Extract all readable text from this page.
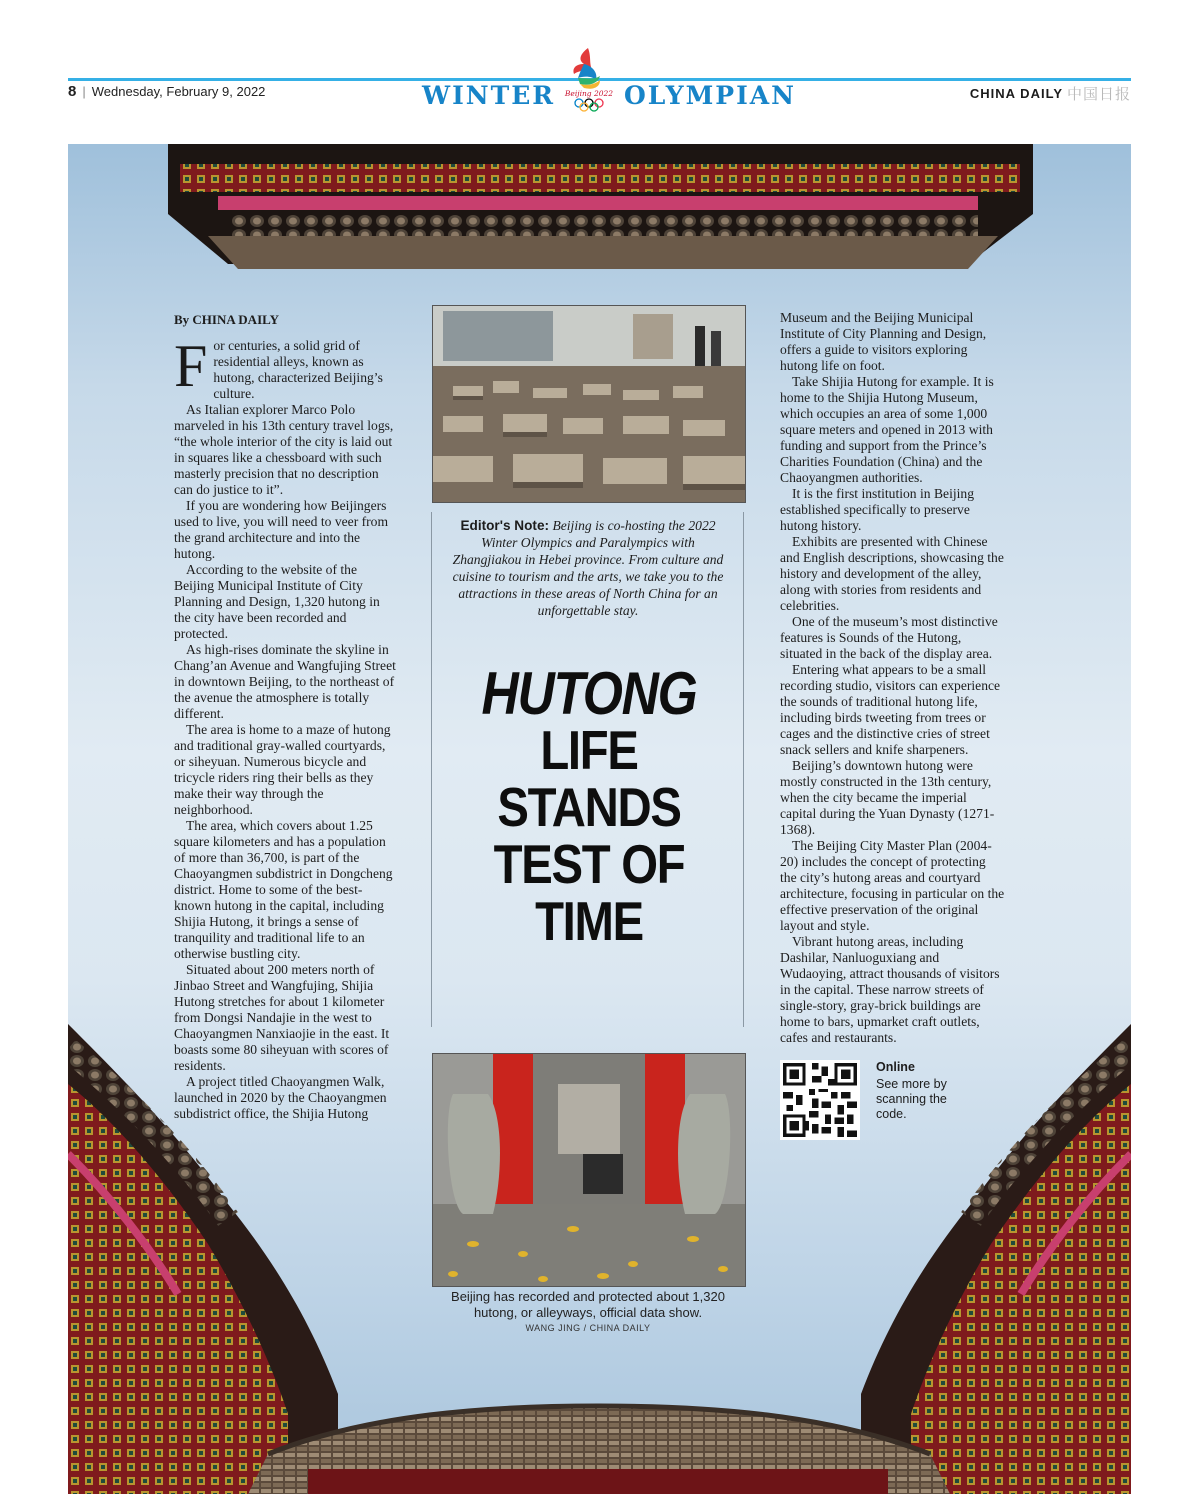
8 | Wednesday, February 9, 2022	WINTER Beijing 2022 OLYMPIAN	CHINA DAILY 中国日报
By CHINA DAILY

For centuries, a solid grid of residential alleys, known as hutong, characterized Beijing’s culture.

As Italian explorer Marco Polo marveled in his 13th century travel logs, “the whole interior of the city is laid out in squares like a chessboard with such masterly precision that no description can do justice to it”.

If you are wondering how Beijingers used to live, you will need to veer from the grand architecture and into the hutong.

According to the website of the Beijing Municipal Institute of City Planning and Design, 1,320 hutong in the city have been recorded and protected.

As high-rises dominate the skyline in Chang’an Avenue and Wangfujing Street in downtown Beijing, to the northeast of the avenue the atmosphere is totally different.

The area is home to a maze of hutong and traditional gray-walled courtyards, or siheyuan. Numerous bicycle and tricycle riders ring their bells as they make their way through the neighborhood.

The area, which covers about 1.25 square kilometers and has a population of more than 36,700, is part of the Chaoyangmen subdistrict in Dongcheng district. Home to some of the best-known hutong in the capital, including Shijia Hutong, it brings a sense of tranquility and traditional life to an otherwise bustling city.

Situated about 200 meters north of Jinbao Street and Wangfujing, Shijia Hutong stretches for about 1 kilometer from Dongsi Nandajie in the west to Chaoyangmen Nanxiaojie in the east. It boasts some 80 siheyuan with scores of residents.

A project titled Chaoyangmen Walk, launched in 2020 by the Chaoyangmen subdistrict office, the Shijia Hutong

Editor's Note: Beijing is co-hosting the 2022 Winter Olympics and Paralympics with Zhangjiakou in Hebei province. From culture and cuisine to tourism and the arts, we take you to the attractions in these areas of North China for an unforgettable stay.
HUTONG
LIFE
STANDS
TEST OF
TIME
Beijing has recorded and protected about 1,320 hutong, or alleyways, official data show.
WANG JING / CHINA DAILY

Museum and the Beijing Municipal Institute of City Planning and Design, offers a guide to visitors exploring hutong life on foot.

Take Shijia Hutong for example. It is home to the Shijia Hutong Museum, which occupies an area of some 1,000 square meters and opened in 2013 with funding and support from the Prince’s Charities Foundation (China) and the Chaoyangmen authorities.

It is the first institution in Beijing established specifically to preserve hutong history.

Exhibits are presented with Chinese and English descriptions, showcasing the history and development of the alley, along with stories from residents and celebrities.

One of the museum’s most distinctive features is Sounds of the Hutong, situated in the back of the display area.

Entering what appears to be a small recording studio, visitors can experience the sounds of traditional hutong life, including birds tweeting from trees or cages and the distinctive cries of street snack sellers and knife sharpeners.

Beijing’s downtown hutong were mostly constructed in the 13th century, when the city became the imperial capital during the Yuan Dynasty (1271-1368).

The Beijing City Master Plan (2004-20) includes the concept of protecting the city’s hutong areas and courtyard architecture, focusing in particular on the effective preservation of the original layout and style.

Vibrant hutong areas, including Dashilar, Nanluoguxiang and Wudaoying, attract thousands of visitors in the capital. These narrow streets of single-story, gray-brick buildings are home to bars, upmarket craft outlets, cafes and restaurants.

Online
See more by scanning the code.
